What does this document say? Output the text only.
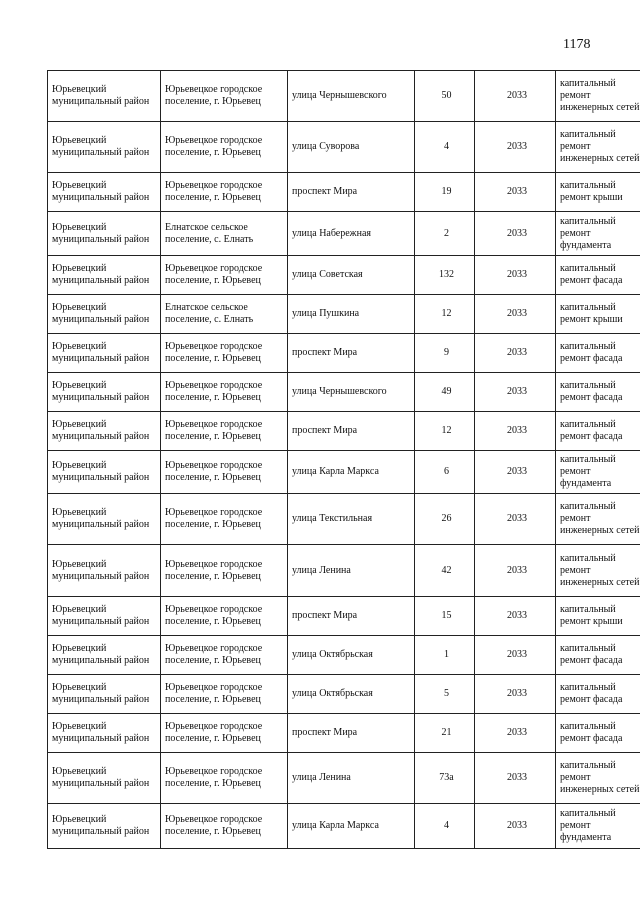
1178
Юрьевецкий муниципальный район	Юрьевецкое городское поселение, г. Юрьевец	улица Чернышевского	50	2033	капитальный ремонт инженерных сетей
Юрьевецкий муниципальный район	Юрьевецкое городское поселение, г. Юрьевец	улица Суворова	4	2033	капитальный ремонт инженерных сетей
Юрьевецкий муниципальный район	Юрьевецкое городское поселение, г. Юрьевец	проспект Мира	19	2033	капитальный ремонт крыши
Юрьевецкий муниципальный район	Елнатское сельское поселение, с. Елнать	улица Набережная	2	2033	капитальный ремонт фундамента
Юрьевецкий муниципальный район	Юрьевецкое городское поселение, г. Юрьевец	улица Советская	132	2033	капитальный ремонт фасада
Юрьевецкий муниципальный район	Елнатское сельское поселение, с. Елнать	улица Пушкина	12	2033	капитальный ремонт крыши
Юрьевецкий муниципальный район	Юрьевецкое городское поселение, г. Юрьевец	проспект Мира	9	2033	капитальный ремонт фасада
Юрьевецкий муниципальный район	Юрьевецкое городское поселение, г. Юрьевец	улица Чернышевского	49	2033	капитальный ремонт фасада
Юрьевецкий муниципальный район	Юрьевецкое городское поселение, г. Юрьевец	проспект Мира	12	2033	капитальный ремонт фасада
Юрьевецкий муниципальный район	Юрьевецкое городское поселение, г. Юрьевец	улица Карла Маркса	6	2033	капитальный ремонт фундамента
Юрьевецкий муниципальный район	Юрьевецкое городское поселение, г. Юрьевец	улица Текстильная	26	2033	капитальный ремонт инженерных сетей
Юрьевецкий муниципальный район	Юрьевецкое городское поселение, г. Юрьевец	улица Ленина	42	2033	капитальный ремонт инженерных сетей
Юрьевецкий муниципальный район	Юрьевецкое городское поселение, г. Юрьевец	проспект Мира	15	2033	капитальный ремонт крыши
Юрьевецкий муниципальный район	Юрьевецкое городское поселение, г. Юрьевец	улица Октябрьская	1	2033	капитальный ремонт фасада
Юрьевецкий муниципальный район	Юрьевецкое городское поселение, г. Юрьевец	улица Октябрьская	5	2033	капитальный ремонт фасада
Юрьевецкий муниципальный район	Юрьевецкое городское поселение, г. Юрьевец	проспект Мира	21	2033	капитальный ремонт фасада
Юрьевецкий муниципальный район	Юрьевецкое городское поселение, г. Юрьевец	улица Ленина	73а	2033	капитальный ремонт инженерных сетей
Юрьевецкий муниципальный район	Юрьевецкое городское поселение, г. Юрьевец	улица Карла Маркса	4	2033	капитальный ремонт фундамента
